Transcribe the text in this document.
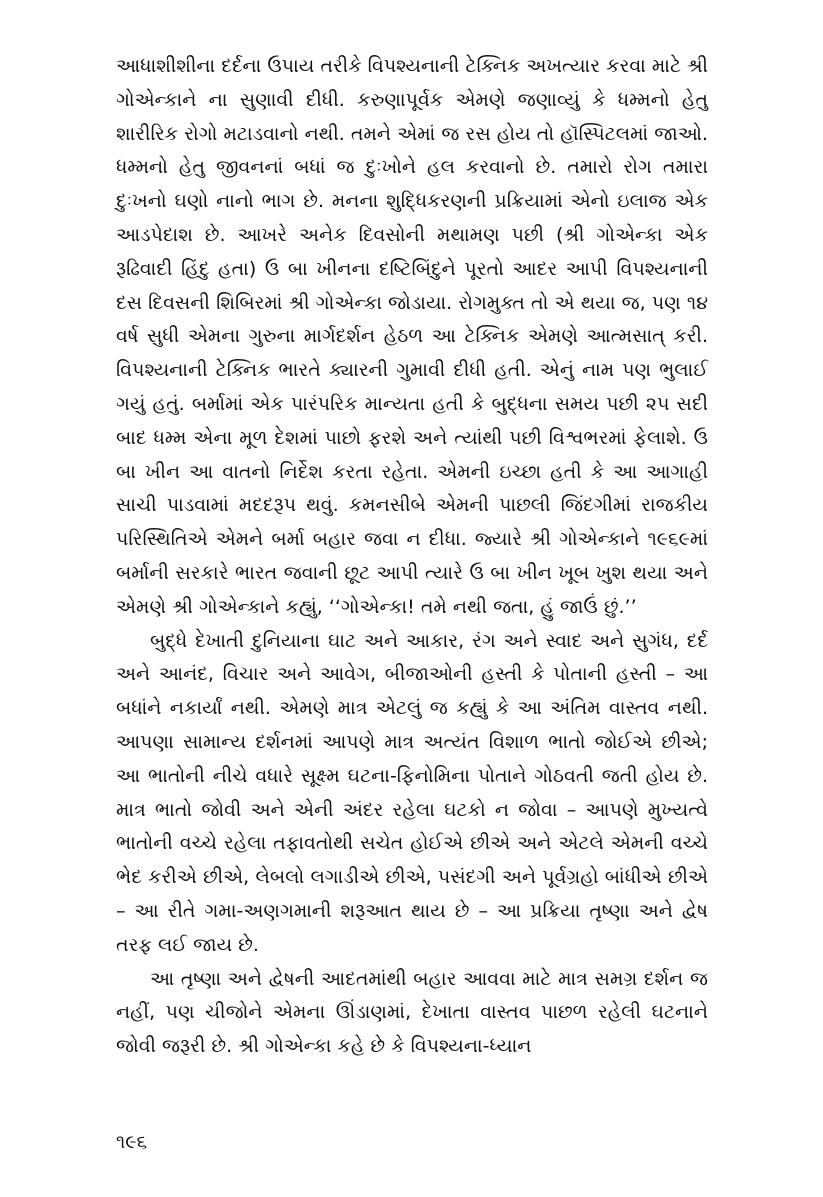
આધાશીશીના દર્દના ઉપાય તરીકે વિપશ્યનાની ટેક્નિક અખત્યાર કરવા માટે શ્રી ગોએન્કાને ના સુણાવી દીધી. કરુણાપૂર્વક એમણે જણાવ્યું કે ધમ્મનો હેતુ શારીરિક રોગો મટાડવાનો નથી. તમને એમાં જ રસ હોય તો હૉસ્પિટલમાં જાઓ. ધમ્મનો હેતુ જીવનનાં બધાં જ દુઃખોને હલ કરવાનો છે. તમારો રોગ તમારા દુઃખનો ઘણો નાનો ભાગ છે. મનના શુદ્ધિકરણની પ્રક્રિયામાં એનો ઇલાજ એક આડપેદાશ છે. આખરે અનેક દિવસોની મથામણ પછી (શ્રી ગોએન્કા એક રૂઢિવાદી હિંદુ હતા) ઉ બા ખીનના દષ્ટિબિંદુને પૂરતો આદર આપી વિપશ્યનાની દસ દિવસની શિબિરમાં શ્રી ગોએન્કા જોડાયા. રોગમુક્ત તો એ થયા જ, પણ ૧૪ વર્ષ સુધી એમના ગુરુના માર્ગદર્શન હેઠળ આ ટેક્નિક એમણે આત્મસાત્ કરી. વિપશ્યનાની ટેક્નિક ભારતે ક્યારની ગુમાવી દીધી હતી. એનું નામ પણ ભુલાઈ ગયું હતું. બર્મામાં એક પારંપરિક માન્યતા હતી કે બુદ્ધના સમય પછી ૨૫ સદી બાદ ધમ્મ એના મૂળ દેશમાં પાછો ફરશે અને ત્યાંથી પછી વિશ્વભરમાં ફેલાશે. ઉ બા ખીન આ વાતનો નિર્દેશ કરતા રહેતા. એમની ઇચ્છા હતી કે આ આગાહી સાચી પાડવામાં મદદરૂપ થવું. કમનસીબે એમની પાછલી જિંદગીમાં રાજકીય પરિસ્થિતિએ એમને બર્મા બહાર જવા ન દીધા. જ્યારે શ્રી ગોએન્કાને ૧૯૬૯માં બર્માની સરકારે ભારત જવાની છૂટ આપી ત્યારે ઉ બા ખીન ખૂબ ખુશ થયા અને એમણે શ્રી ગોએન્કાને કહ્યું, ‘‘ગોએન્કા! તમે નથી જતા, હું જાઉં છું.’’

બુદ્ધે દેખાતી દુનિયાના ઘાટ અને આકાર, રંગ અને સ્વાદ અને સુગંધ, દર્દ અને આનંદ, વિચાર અને આવેગ, બીજાઓની હસ્તી કે પોતાની હસ્તી – આ બધાંને નકાર્યાં નથી. એમણે માત્ર એટલું જ કહ્યું કે આ અંતિમ વાસ્તવ નથી. આપણા સામાન્ય દર્શનમાં આપણે માત્ર અત્યંત વિશાળ ભાતો જોઈએ છીએ; આ ભાતોની નીચે વધારે સૂક્ષ્મ ઘટના-ફિનોમિના પોતાને ગોઠવતી જતી હોય છે. માત્ર ભાતો જોવી અને એની અંદર રહેલા ઘટકો ન જોવા – આપણે મુખ્યત્વે ભાતોની વચ્ચે રહેલા તફાવતોથી સચેત હોઈએ છીએ અને એટલે એમની વચ્ચે ભેદ કરીએ છીએ, લેબલો લગાડીએ છીએ, પસંદગી અને પૂર્વગ્રહો બાંધીએ છીએ – આ રીતે ગમા-અણગમાની શરૂઆત થાય છે – આ પ્રક્રિયા તૃષ્ણા અને દ્વેષ તરફ લઈ જાય છે.

આ તૃષ્ણા અને દ્વેષની આદતમાંથી બહાર આવવા માટે માત્ર સમગ્ર દર્શન જ નહીં, પણ ચીજોને એમના ઊંડાણમાં, દેખાતા વાસ્તવ પાછળ રહેલી ઘટનાને જોવી જરૂરી છે. શ્રી ગોએન્કા કહે છે કે વિપશ્યના-ધ્યાન

૧૯૬
